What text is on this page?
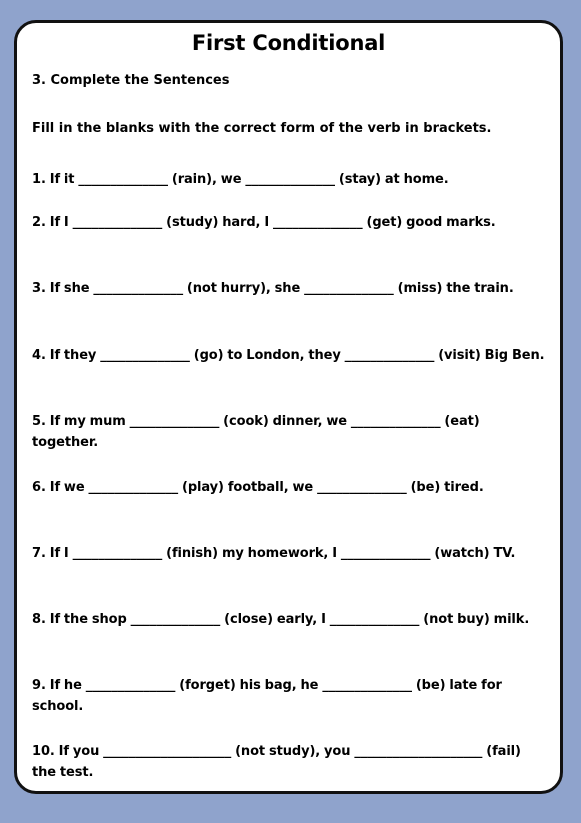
First Conditional
3. Complete the Sentences
Fill in the blanks with the correct form of the verb in brackets.
1. If it ______________ (rain), we ______________ (stay) at home.
2. If I ______________ (study) hard, I ______________ (get) good marks.
3. If she ______________ (not hurry), she ______________ (miss) the train.
4. If they ______________ (go) to London, they ______________ (visit) Big Ben.
5. If my mum ______________ (cook) dinner, we ______________ (eat) together.
6. If we ______________ (play) football, we ______________ (be) tired.
7. If I ______________ (finish) my homework, I ______________ (watch) TV.
8. If the shop ______________ (close) early, I ______________ (not buy) milk.
9. If he ______________ (forget) his bag, he ______________ (be) late for school.
10. If you ____________________ (not study), you ____________________ (fail) the test.
